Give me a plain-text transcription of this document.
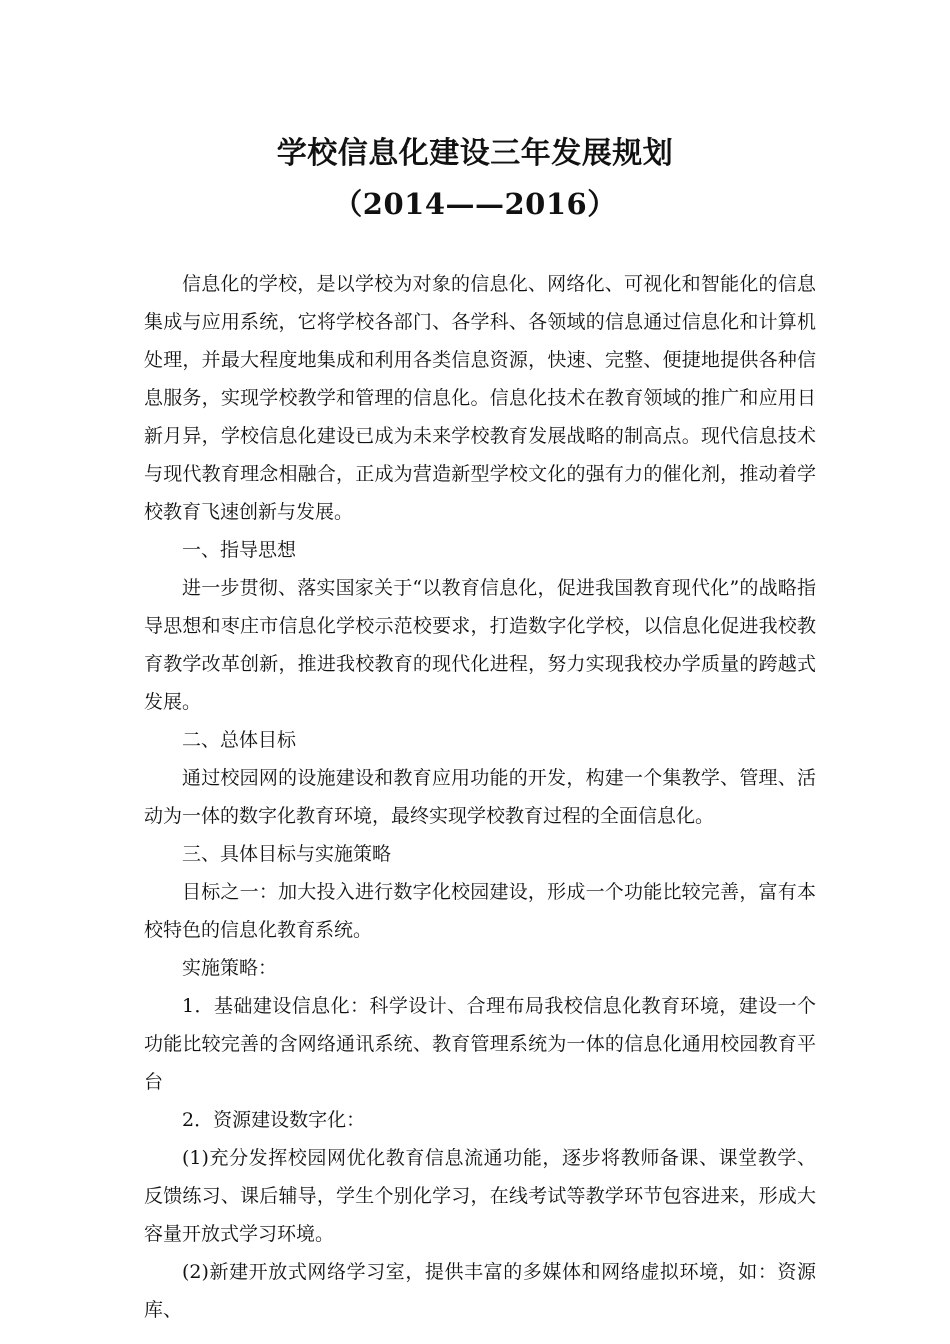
学校信息化建设三年发展规划
（2014——2016）

信息化的学校，是以学校为对象的信息化、网络化、可视化和智能化的信息集成与应用系统，它将学校各部门、各学科、各领域的信息通过信息化和计算机处理，并最大程度地集成和利用各类信息资源，快速、完整、便捷地提供各种信息服务，实现学校教学和管理的信息化。信息化技术在教育领域的推广和应用日新月异，学校信息化建设已成为未来学校教育发展战略的制高点。现代信息技术与现代教育理念相融合，正成为营造新型学校文化的强有力的催化剂，推动着学校教育飞速创新与发展。

一、指导思想

进一步贯彻、落实国家关于“以教育信息化，促进我国教育现代化”的战略指导思想和枣庄市信息化学校示范校要求，打造数字化学校，以信息化促进我校教育教学改革创新，推进我校教育的现代化进程，努力实现我校办学质量的跨越式发展。

二、总体目标

通过校园网的设施建设和教育应用功能的开发，构建一个集教学、管理、活动为一体的数字化教育环境，最终实现学校教育过程的全面信息化。

三、具体目标与实施策略

目标之一：加大投入进行数字化校园建设，形成一个功能比较完善，富有本校特色的信息化教育系统。

实施策略：

1．基础建设信息化：科学设计、合理布局我校信息化教育环境，建设一个功能比较完善的含网络通讯系统、教育管理系统为一体的信息化通用校园教育平台

2．资源建设数字化：

(1)充分发挥校园网优化教育信息流通功能，逐步将教师备课、课堂教学、反馈练习、课后辅导，学生个别化学习，在线考试等教学环节包容进来，形成大容量开放式学习环境。

(2)新建开放式网络学习室，提供丰富的多媒体和网络虚拟环境，如：资源库、
